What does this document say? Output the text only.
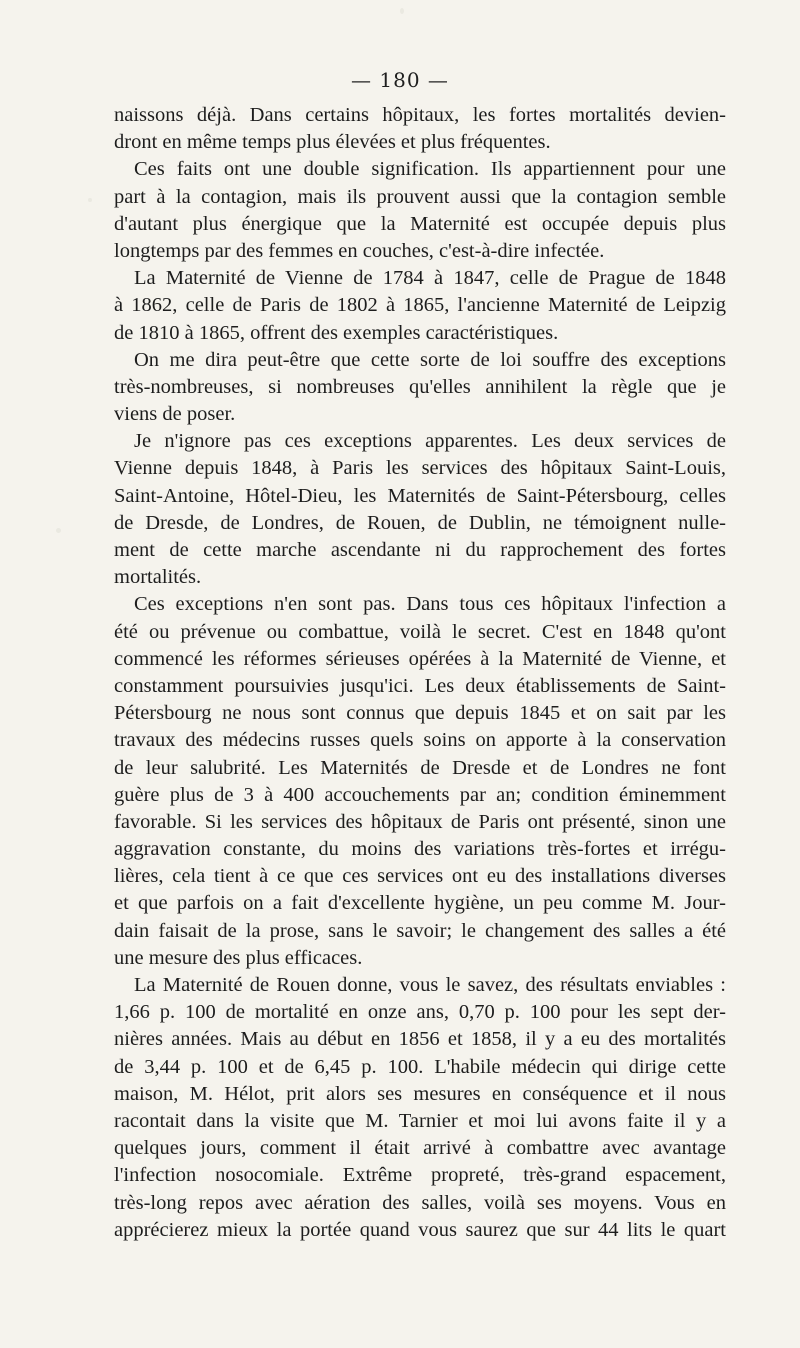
— 180 —
naissons déjà. Dans certains hôpitaux, les fortes mortalités devien-
dront en même temps plus élevées et plus fréquentes.
Ces faits ont une double signification. Ils appartiennent pour une
part à la contagion, mais ils prouvent aussi que la contagion semble
d'autant plus énergique que la Maternité est occupée depuis plus
longtemps par des femmes en couches, c'est-à-dire infectée.
La Maternité de Vienne de 1784 à 1847, celle de Prague de 1848
à 1862, celle de Paris de 1802 à 1865, l'ancienne Maternité de Leipzig
de 1810 à 1865, offrent des exemples caractéristiques.
On me dira peut-être que cette sorte de loi souffre des exceptions
très-nombreuses, si nombreuses qu'elles annihilent la règle que je
viens de poser.
Je n'ignore pas ces exceptions apparentes. Les deux services de
Vienne depuis 1848, à Paris les services des hôpitaux Saint-Louis,
Saint-Antoine, Hôtel-Dieu, les Maternités de Saint-Pétersbourg, celles
de Dresde, de Londres, de Rouen, de Dublin, ne témoignent nulle-
ment de cette marche ascendante ni du rapprochement des fortes
mortalités.
Ces exceptions n'en sont pas. Dans tous ces hôpitaux l'infection a
été ou prévenue ou combattue, voilà le secret. C'est en 1848 qu'ont
commencé les réformes sérieuses opérées à la Maternité de Vienne, et
constamment poursuivies jusqu'ici. Les deux établissements de Saint-
Pétersbourg ne nous sont connus que depuis 1845 et on sait par les
travaux des médecins russes quels soins on apporte à la conservation
de leur salubrité. Les Maternités de Dresde et de Londres ne font
guère plus de 3 à 400 accouchements par an; condition éminemment
favorable. Si les services des hôpitaux de Paris ont présenté, sinon une
aggravation constante, du moins des variations très-fortes et irrégu-
lières, cela tient à ce que ces services ont eu des installations diverses
et que parfois on a fait d'excellente hygiène, un peu comme M. Jour-
dain faisait de la prose, sans le savoir; le changement des salles a été
une mesure des plus efficaces.
La Maternité de Rouen donne, vous le savez, des résultats enviables :
1,66 p. 100 de mortalité en onze ans, 0,70 p. 100 pour les sept der-
nières années. Mais au début en 1856 et 1858, il y a eu des mortalités
de 3,44 p. 100 et de 6,45 p. 100. L'habile médecin qui dirige cette
maison, M. Hélot, prit alors ses mesures en conséquence et il nous
racontait dans la visite que M. Tarnier et moi lui avons faite il y a
quelques jours, comment il était arrivé à combattre avec avantage
l'infection nosocomiale. Extrême propreté, très-grand espacement,
très-long repos avec aération des salles, voilà ses moyens. Vous en
apprécierez mieux la portée quand vous saurez que sur 44 lits le quart
